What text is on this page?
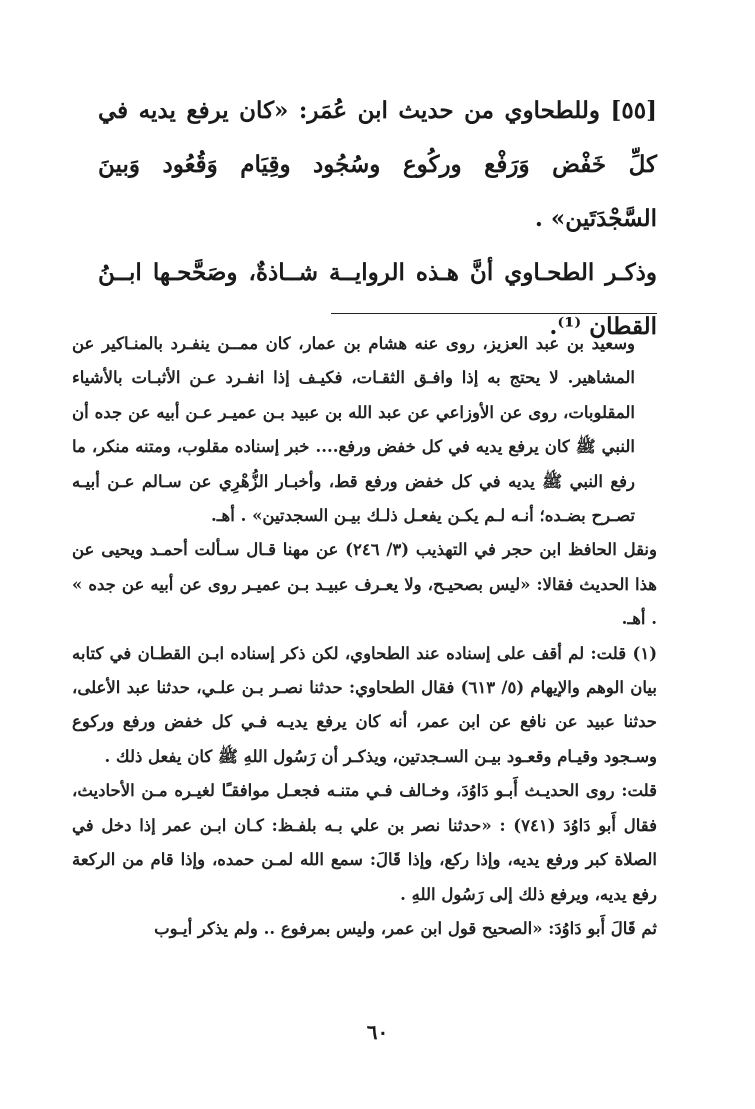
[٥٥] وللطحاوي من حديث ابن عُمَر: «كان يرفع يديه في كلِّ خَفْض وَرَفْع وركُوع وسُجُود وقِيَام وَقُعُود وَبينَ السَّجْدَتَين» .

وذكـر الطحـاوي أنَّ هـذه الروايــة شــاذةٌ، وصَحَّحـها ابــنُ القطان ⁽¹⁾.

وسعيد بن عبد العزيز، روى عنه هشام بن عمار، كان ممــن ينفـرد بالمنـاكير عن المشاهير. لا يحتج به إذا وافـق الثقـات، فكيـف إذا انفـرد عـن الأثبـات بالأشياء المقلوبات، روى عن الأوزاعي عن عبد الله بن عبيد بـن عميـر عـن أبيه عن جده أن النبي ﷺ كان يرفع يديه في كل خفض ورفع.... خبر إسناده مقلوب، ومتنه منكر، ما رفع النبي ﷺ يديه في كل خفض ورفع قط، وأخبـار الزُّهْرِي عن سـالم عـن أبيـه تصـرح بضـده؛ أنـه لـم يكـن يفعـل ذلـك بيـن السجدتين» . أهـ.

ونقل الحافظ ابن حجر في التهذيب (٣/ ٢٤٦) عن مهنا قـال سـألت أحمـد ويحيى عن هذا الحديث فقالا: «ليس بصحيـح، ولا يعـرف عبيـد بـن عميـر روى عن أبيه عن جده » . أهـ.

(١) قلت: لم أقف على إسناده عند الطحاوي، لكن ذكر إسناده ابـن القطـان في كتابه بيان الوهم والإيهام (٥/ ٦١٣) فقال الطحاوي: حدثنا نصـر بـن علـي، حدثنا عبد الأعلى، حدثنا عبيد عن نافع عن ابن عمر، أنه كان يرفع يديـه فـي كل خفض ورفع وركوع وسـجود وقيـام وقعـود بيـن السـجدتين، ويذكـر أن رَسُول اللهِ ﷺ كان يفعل ذلك .

قلت: روى الحديـث أَبـو دَاوُدَ، وخـالف فـي متنـه فجعـل موافقـًا لغيـره مـن الأحاديث، فقال أَبو دَاوُدَ (٧٤١) : «حدثنا نصر بن علي بـه بلفـظ: كـان ابـن عمر إذا دخل في الصلاة كبر ورفع يديه، وإذا ركع، وإذا قَالَ: سمع الله لمـن حمده، وإذا قام من الركعة رفع يديه، ويرفع ذلك إلى رَسُول اللهِ .

ثم قَالَ أَبو دَاوُدَ: «الصحيح قول ابن عمر، وليس بمرفوع .. ولم يذكر أيـوب

٦٠
